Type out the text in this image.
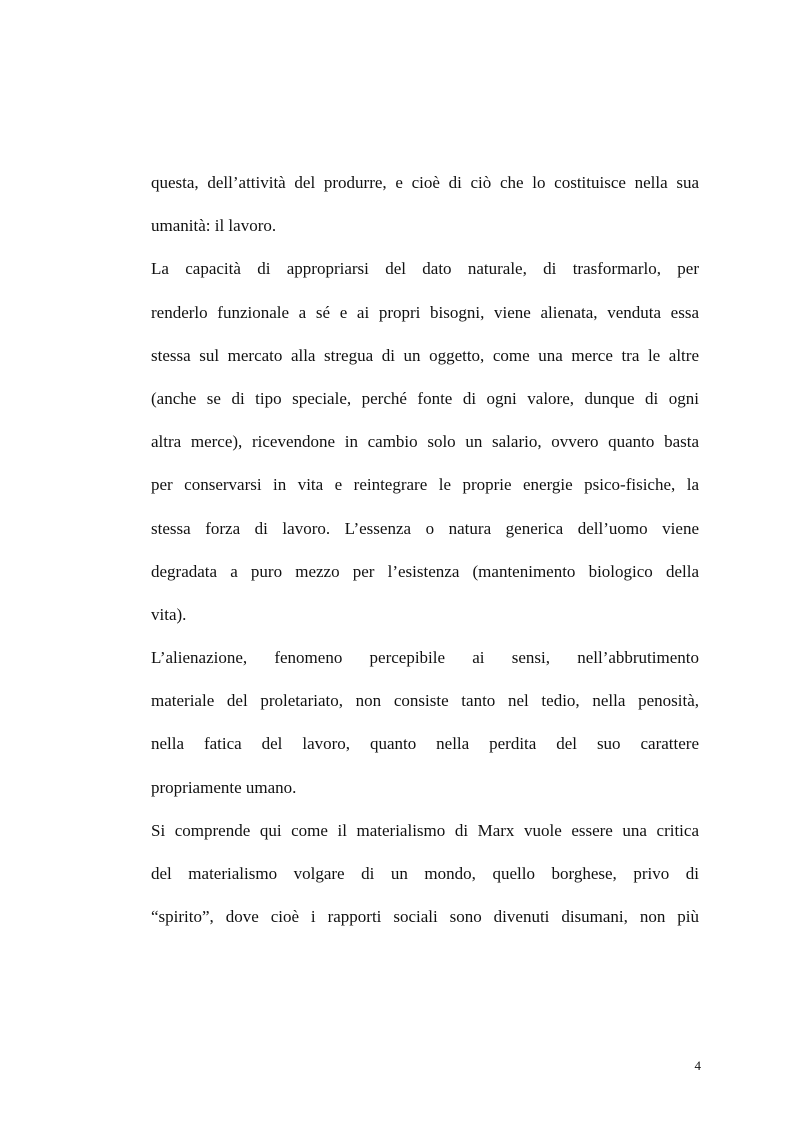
questa, dell’attività del produrre, e cioè di ciò che lo costituisce nella sua
umanità: il lavoro.
La capacità di appropriarsi del dato naturale, di trasformarlo, per
renderlo funzionale a sé e ai propri bisogni, viene alienata, venduta essa
stessa sul mercato alla stregua di un oggetto, come una merce tra le altre
(anche se di tipo speciale, perché fonte di ogni valore, dunque di ogni
altra merce), ricevendone in cambio solo un salario, ovvero quanto basta
per conservarsi in vita e reintegrare le proprie energie psico-fisiche, la
stessa forza di lavoro. L’essenza o natura generica dell’uomo viene
degradata a puro mezzo per l’esistenza (mantenimento biologico della
vita).
L’alienazione, fenomeno percepibile ai sensi, nell’abbrutimento
materiale del proletariato, non consiste tanto nel tedio, nella penosità,
nella fatica del lavoro, quanto nella perdita del suo carattere
propriamente umano.
Si comprende qui come il materialismo di Marx vuole essere una critica
del materialismo volgare di un mondo, quello borghese, privo di
“spirito”, dove cioè i rapporti sociali sono divenuti disumani, non più
4
